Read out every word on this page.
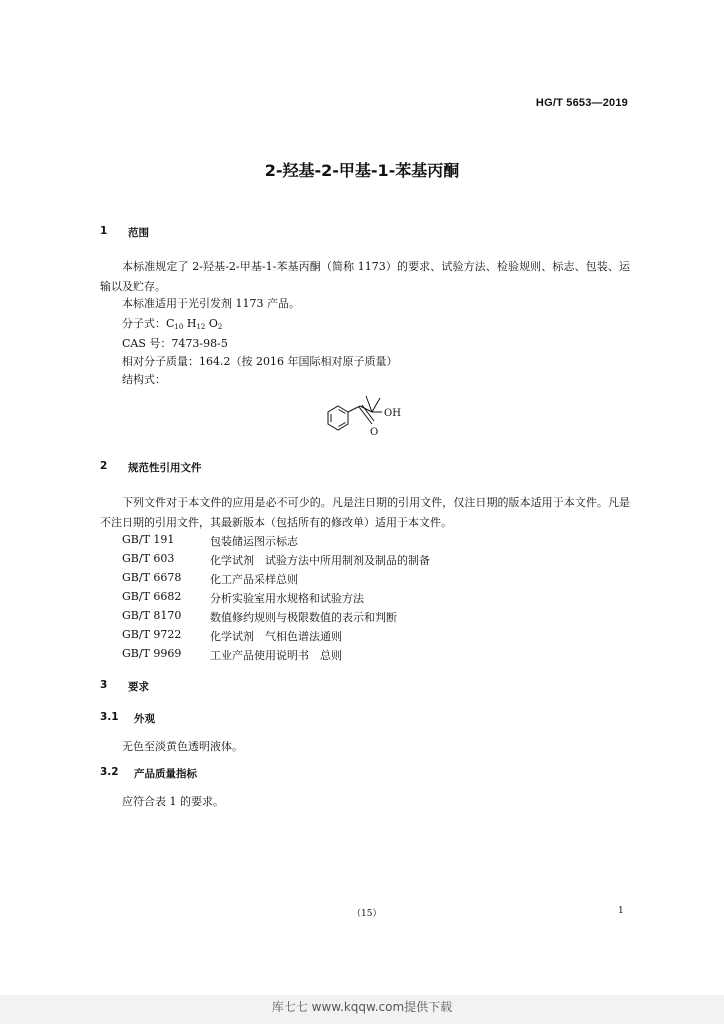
HG/T 5653—2019
2-羟基-2-甲基-1-苯基丙酮
1	范围
本标准规定了 2-羟基-2-甲基-1-苯基丙酮（简称 1173）的要求、试验方法、检验规则、标志、包装、运输以及贮存。
本标准适用于光引发剂 1173 产品。
分子式：C10 H12 O2
CAS 号：7473-98-5
相对分子质量：164.2（按 2016 年国际相对原子质量）
结构式：
OH
O
2	规范性引用文件
下列文件对于本文件的应用是必不可少的。凡是注日期的引用文件，仅注日期的版本适用于本文件。凡是不注日期的引用文件，其最新版本（包括所有的修改单）适用于本文件。
GB/T 191	包装储运图示标志
GB/T 603	化学试剂　试验方法中所用制剂及制品的制备
GB/T 6678	化工产品采样总则
GB/T 6682	分析实验室用水规格和试验方法
GB/T 8170	数值修约规则与极限数值的表示和判断
GB/T 9722	化学试剂　气相色谱法通则
GB/T 9969	工业产品使用说明书　总则
3	要求
3.1	外观
无色至淡黄色透明液体。
3.2	产品质量指标
应符合表 1 的要求。
（15）	1
库七七 www.kqqw.com提供下载
